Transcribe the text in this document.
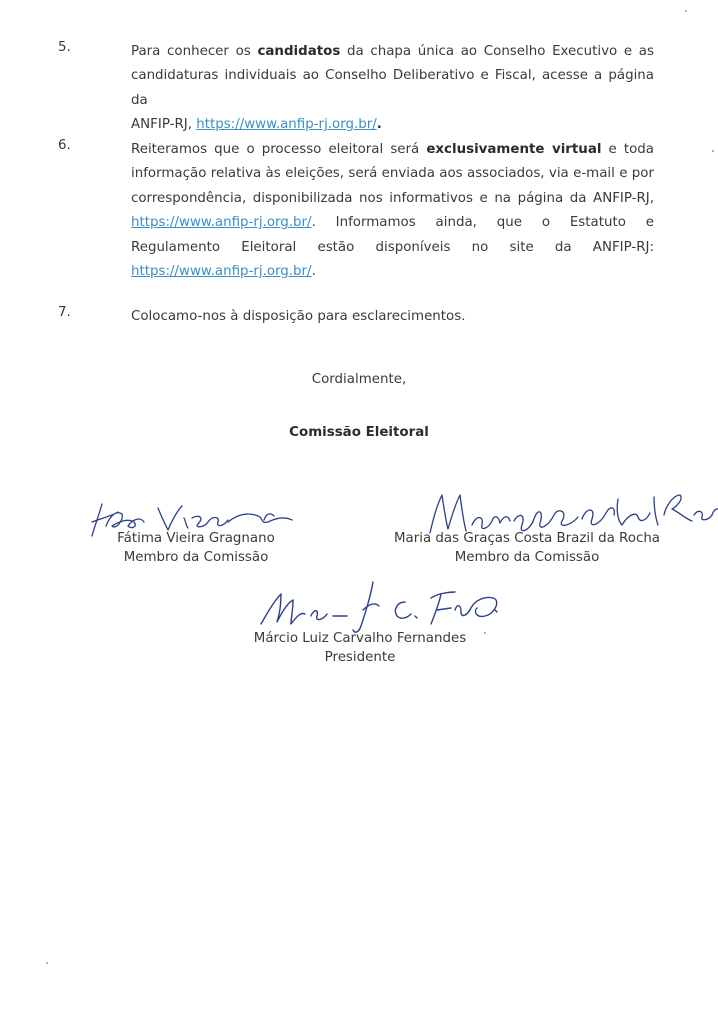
5.	Para conhecer os candidatos da chapa única ao Conselho Executivo e as
candidaturas individuais ao Conselho Deliberativo e Fiscal, acesse a página da
ANFIP-RJ, https://www.anfip-rj.org.br/.
6.	Reiteramos que o processo eleitoral será exclusivamente virtual e toda
informação relativa às eleições, será enviada aos associados, via e-mail e por
correspondência, disponibilizada nos informativos e na página da ANFIP-RJ,
https://www.anfip-rj.org.br/. Informamos ainda, que o Estatuto e
Regulamento Eleitoral estão disponíveis no site da ANFIP-RJ:
https://www.anfip-rj.org.br/.
7.	Colocamo-nos à disposição para esclarecimentos.
Cordialmente,
Comissão Eleitoral
Fátima Vieira Gragnano
Membro da Comissão
Maria das Graças Costa Brazil da Rocha
Membro da Comissão
Márcio Luiz Carvalho Fernandes
Presidente
